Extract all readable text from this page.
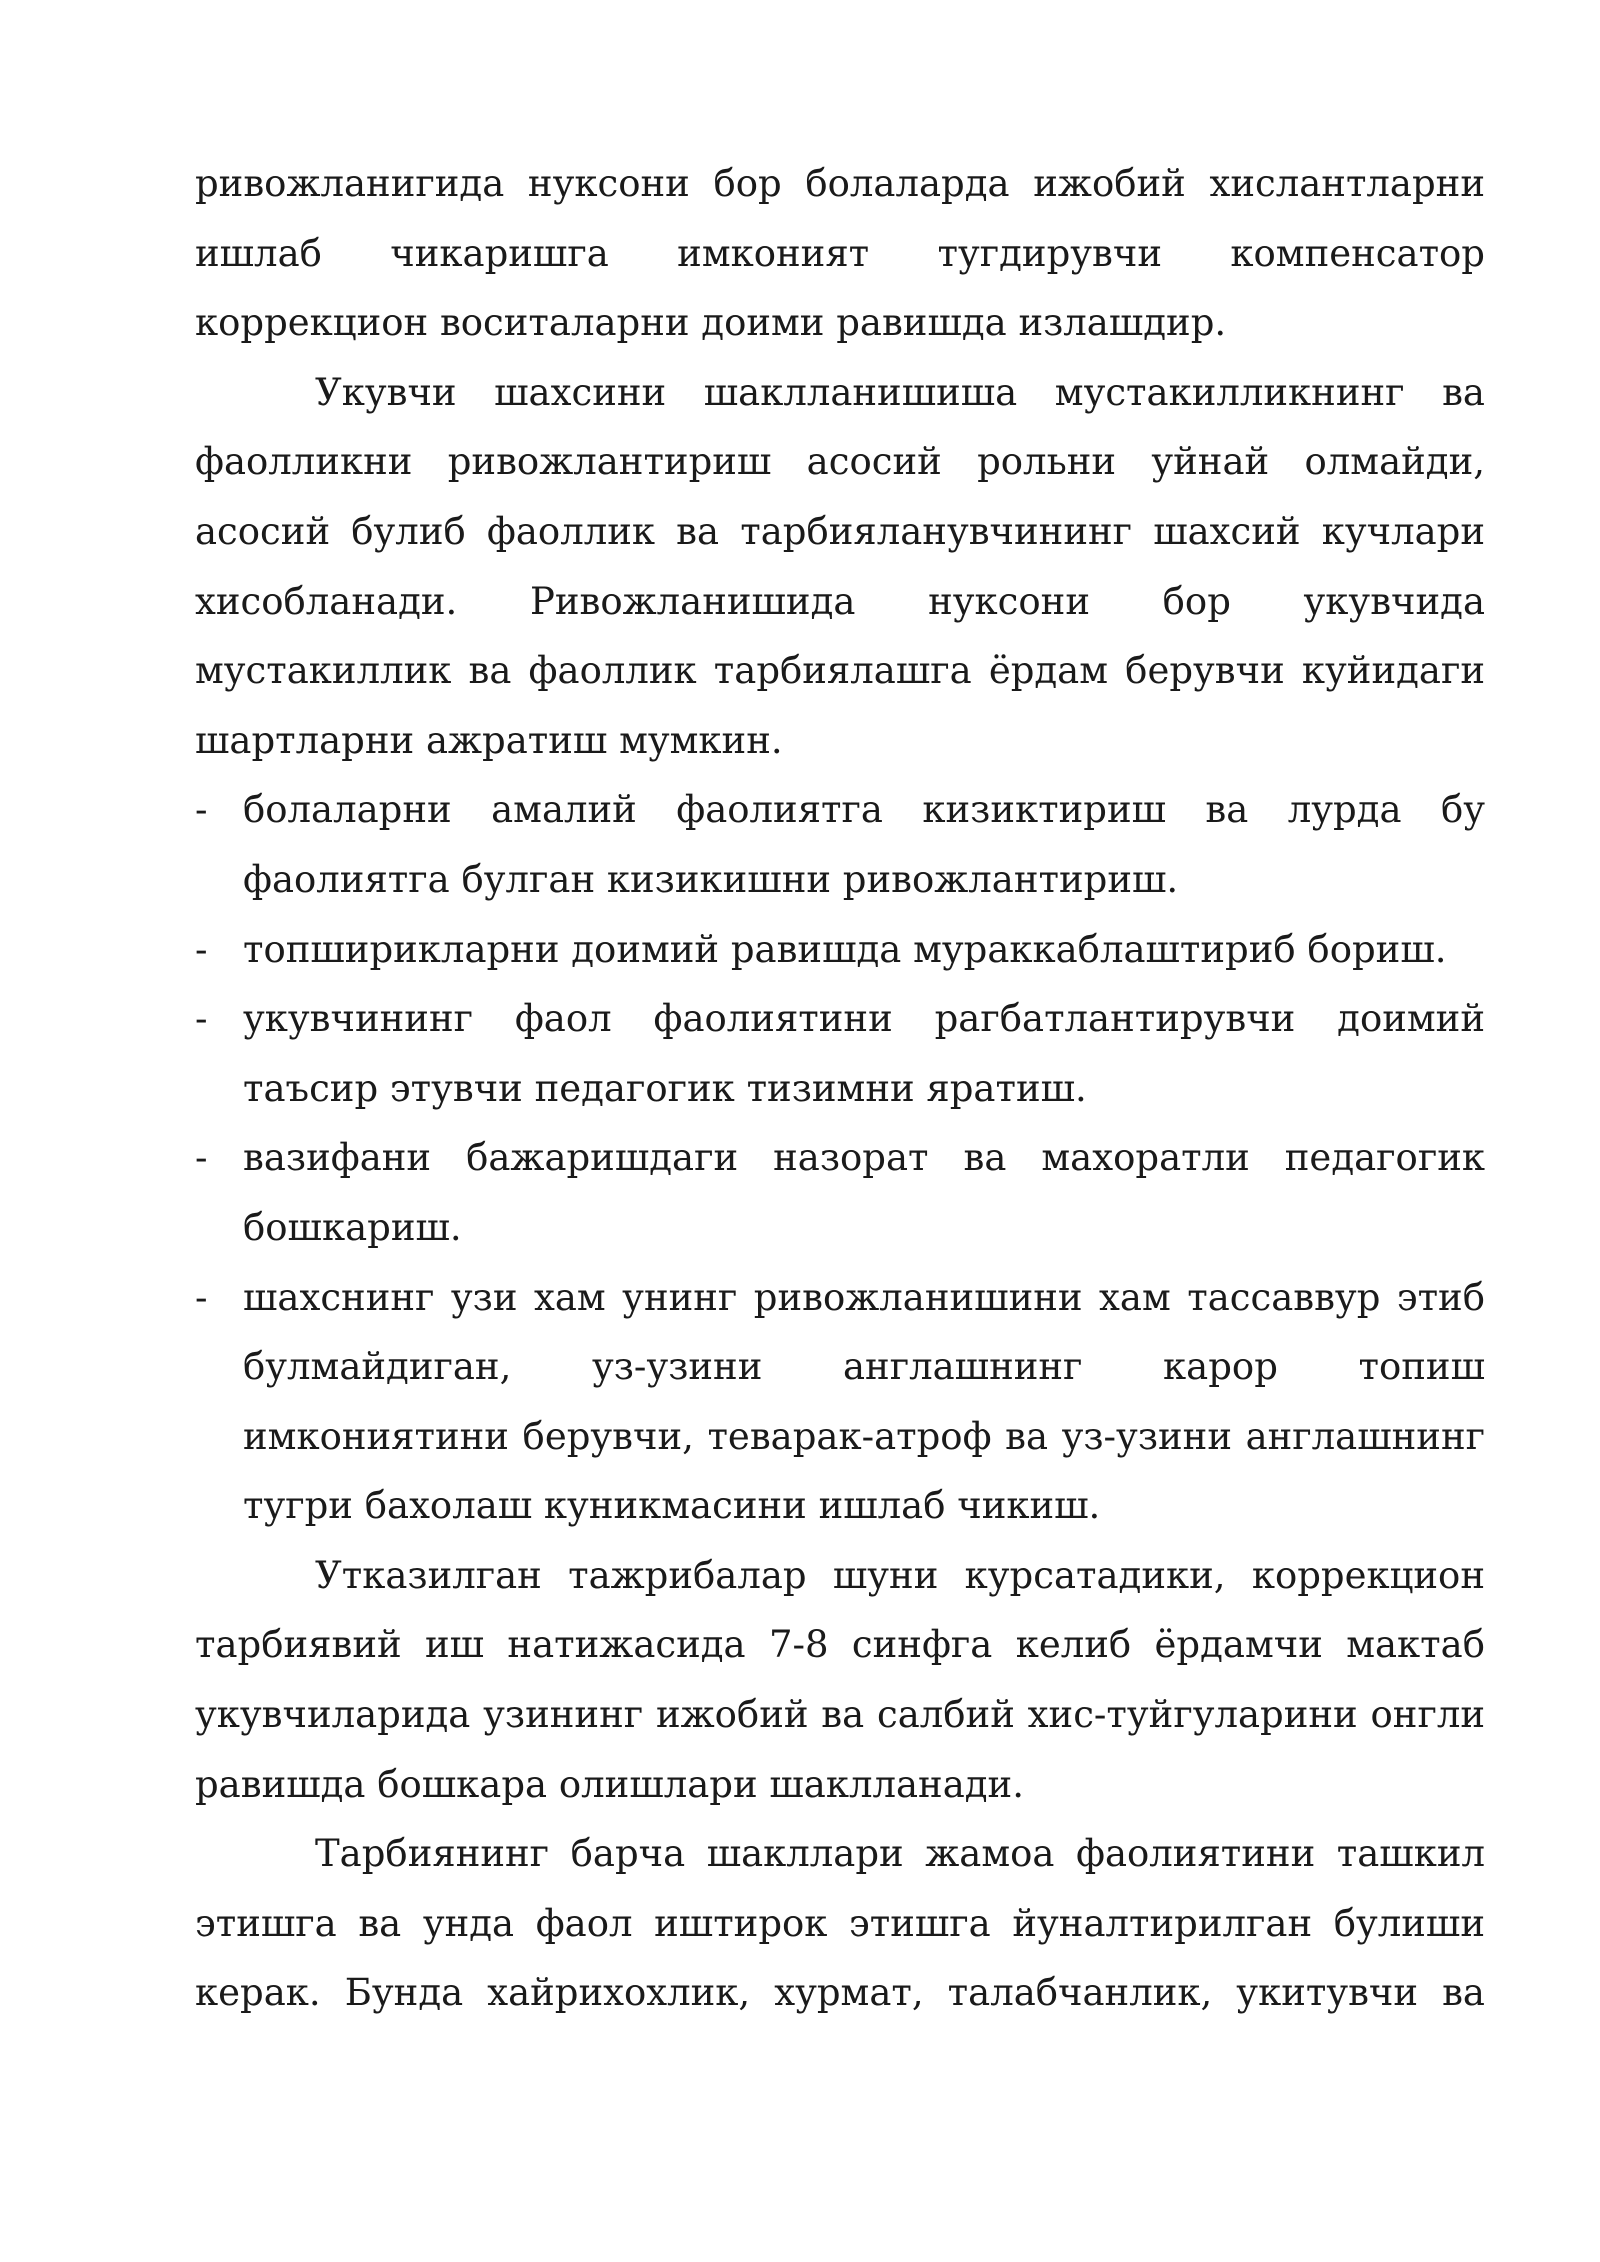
ривожланигида нуксони бор болаларда ижобий хислантларни ишлаб чикаришга имконият тугдирувчи компенсатор коррекцион воситаларни доими равишда излашдир.

Укувчи шахсини шаклланишиша мустакилликнинг ва фаолликни ривожлантириш асосий рольни уйнай олмайди, асосий булиб фаоллик ва тарбияланувчининг шахсий кучлари хисобланади. Ривожланишида нуксони бор укувчида мустакиллик ва фаоллик тарбиялашга ёрдам берувчи куйидаги шартларни ажратиш мумкин.

- болаларни амалий фаолиятга кизиктириш ва лурда бу фаолиятга булган кизикишни ривожлантириш.
- топширикларни доимий равишда мураккаблаштириб бориш.
- укувчининг фаол фаолиятини рагбатлантирувчи доимий таъсир этувчи педагогик тизимни яратиш.
- вазифани бажаришдаги назорат ва махоратли педагогик бошкариш.
- шахснинг узи хам унинг ривожланишини хам тассаввур этиб булмайдиган, уз-узини англашнинг карор топиш имкониятини берувчи, теварак-атроф ва уз-узини англашнинг тугри бахолаш куникмасини ишлаб чикиш.

Утказилган тажрибалар шуни курсатадики, коррекцион тарбиявий иш натижасида 7-8 синфга келиб ёрдамчи мактаб укувчиларида узининг ижобий ва салбий хис-туйгуларини онгли равишда бошкара олишлари шаклланади.

Тарбиянинг барча шакллари жамоа фаолиятини ташкил этишга ва унда фаол иштирок этишга йуналтирилган булиши керак. Бунда хайрихохлик, хурмат, талабчанлик, укитувчи ва
